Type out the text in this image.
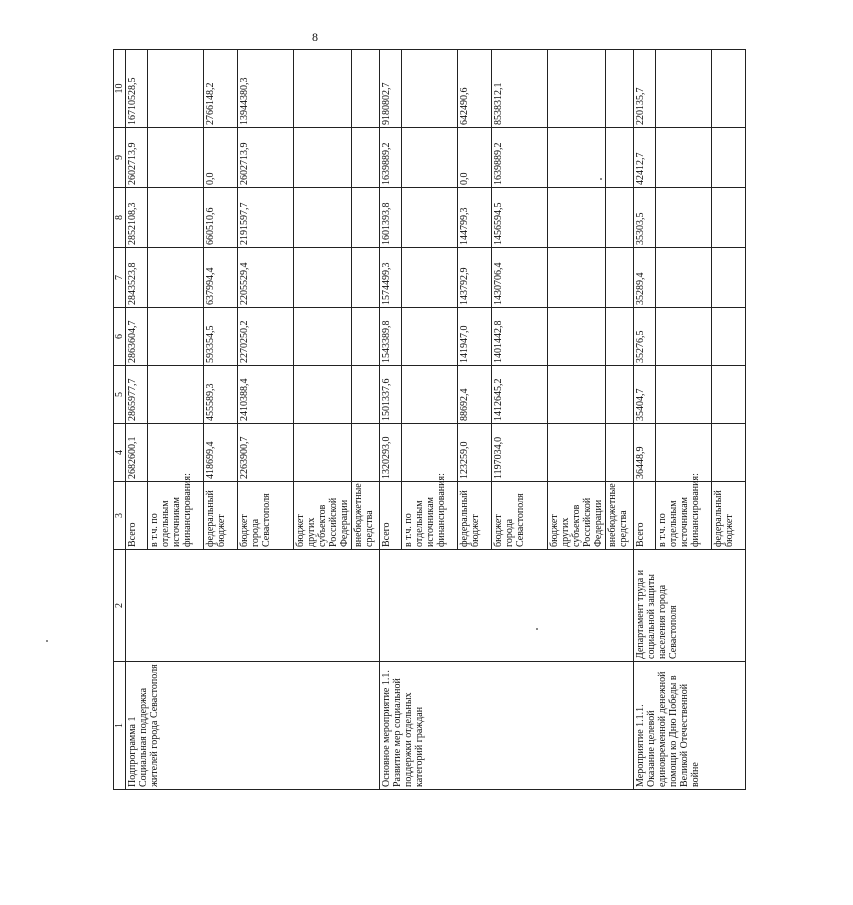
8
1	2	3	4	5	6	7	8	9	10
Подпрограмма 1
Социальная поддержка жителей города Севастополя		Всего	2682600,1	2865977,7	2863604,7	2843523,8	2852108,3	2602713,9	16710528,5
		в т.ч. по отдельным источникам финансирования:							
		федеральный бюджет	418699,4	455589,3	593354,5	637994,4	660510,6	0,0	2766148,2
		бюджет города Севастополя	2263900,7	2410388,4	2270250,2	2205529,4	2191597,7	2602713,9	13944380,3
		бюджет других субъектов Российской Федерации							
		внебюджетные средства							
Основное мероприятие 1.1. Развитие мер социальной поддержки отдельных категорий граждан		Всего	1320293,0	1501337,6	1543389,8	1574499,3	1601393,8	1639889,2	9180802,7
		в т.ч. по отдельным источникам финансирования:							
		федеральный бюджет	123259,0	88692,4	141947,0	143792,9	144799,3	0,0	642490,6
		бюджет города Севастополя	1197034,0	1412645,2	1401442,8	1430706,4	1456594,5	1639889,2	8538312,1
		бюджет других субъектов Российской Федерации							
		внебюджетные средства							
Мероприятие 1.1.1. Оказание целевой единовременной денежной помощи ко Дню Победы в Великой Отечественной войне	Департамент труда и социальной защиты населения города Севастополя	Всего	36448,9	35404,7	35276,5	35289,4	35303,5	42412,7	220135,7
		в т.ч. по отдельным источникам финансирования:							
		федеральный бюджет							
